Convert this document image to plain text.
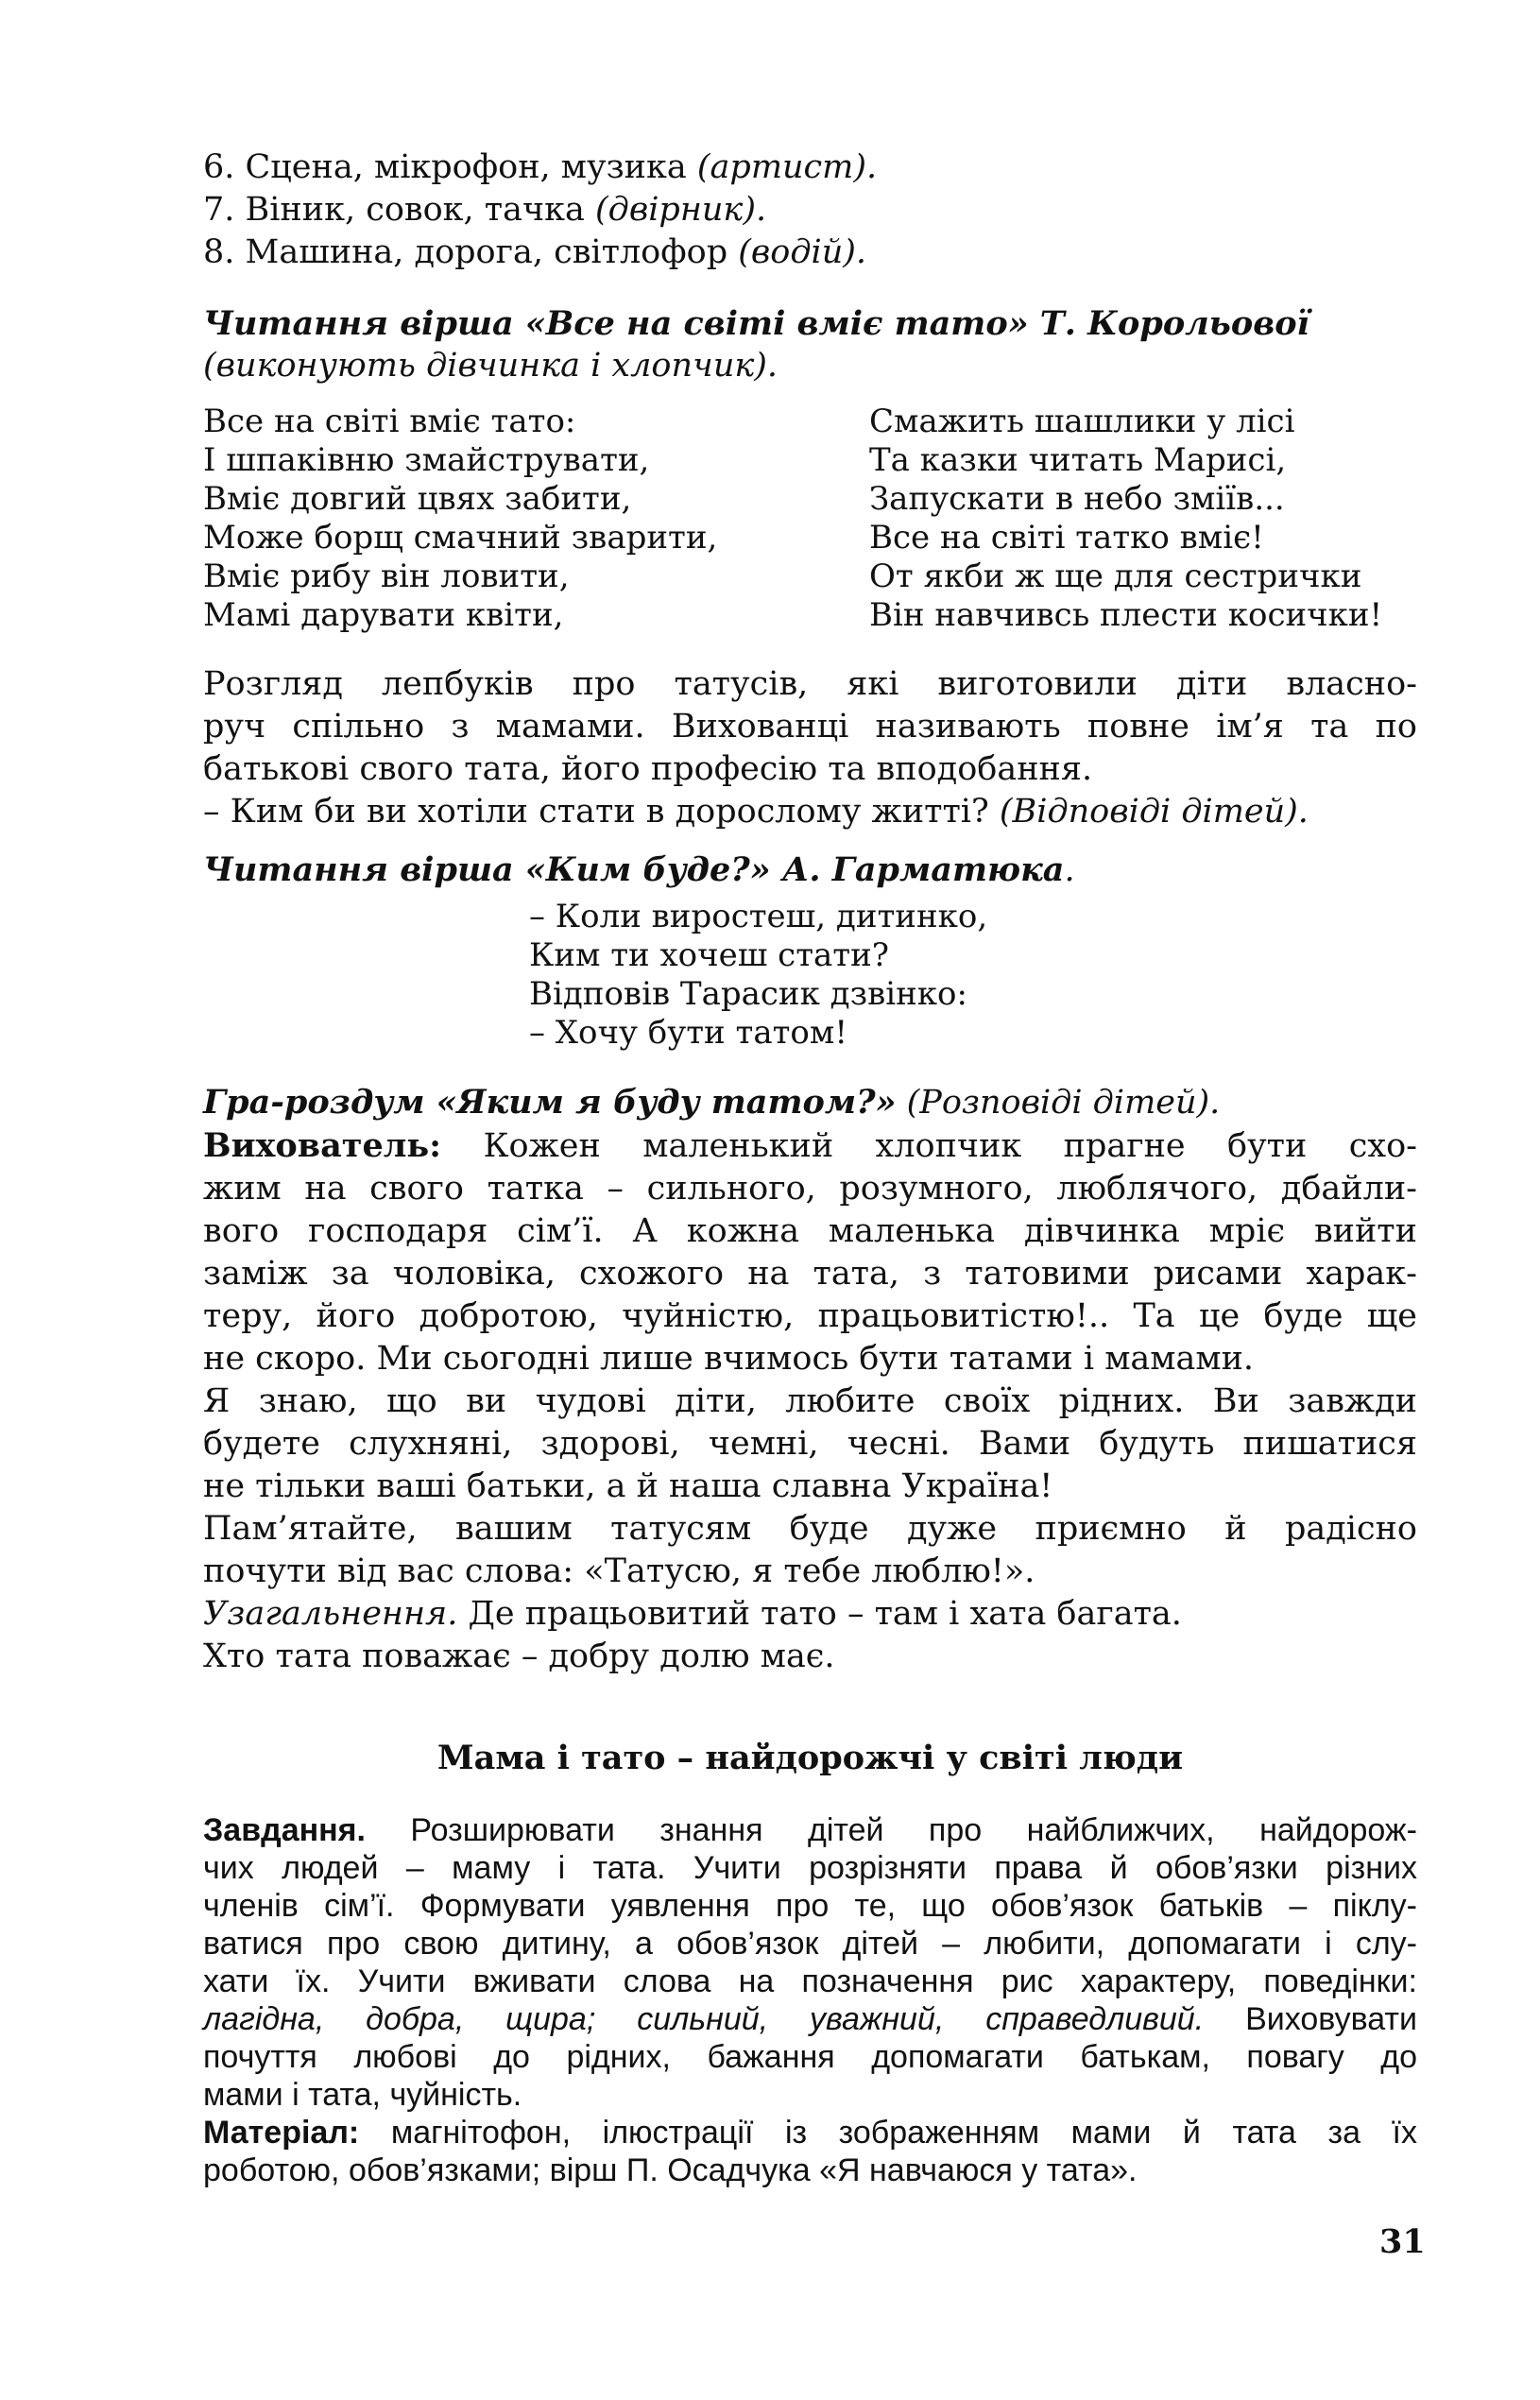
6. Сцена, мікрофон, музика (артист).

7. Віник, совок, тачка (двірник).

8. Машина, дорога, світлофор (водій).

Читання вірша «Все на світі вміє тато» Т. Корольової

(виконують дівчинка і хлопчик).

Все на світі вміє тато:

І шпаківню змайструвати,

Вміє довгий цвях забити,

Може борщ смачний зварити,

Вміє рибу він ловити,

Мамі дарувати квіти,

Смажить шашлики у лісі

Та казки читать Марисі,

Запускати в небо зміїв...

Все на світі татко вміє!

От якби ж ще для сестрички

Він навчивсь плести косички!

Розгляд лепбуків про татусів, які виготовили діти власно-

руч спільно з мамами. Вихованці називають повне ім’я та по

батькові свого тата, його професію та вподобання.

– Ким би ви хотіли стати в дорослому житті? (Відповіді дітей).

Читання вірша «Ким буде?» А. Гарматюка.

– Коли виростеш, дитинко,

Ким ти хочеш стати?

Відповів Тарасик дзвінко:

– Хочу бути татом!

Гра-роздум «Яким я буду татом?» (Розповіді дітей).

Вихователь: Кожен маленький хлопчик прагне бути схо-

жим на свого татка – сильного, розумного, люблячого, дбайли-

вого господаря сім’ї. А кожна маленька дівчинка мріє вийти

заміж за чоловіка, схожого на тата, з татовими рисами харак-

теру, його добротою, чуйністю, працьовитістю!.. Та це буде ще

не скоро. Ми сьогодні лише вчимось бути татами і мамами.

Я знаю, що ви чудові діти, любите своїх рідних. Ви завжди

будете слухняні, здорові, чемні, чесні. Вами будуть пишатися

не тільки ваші батьки, а й наша славна Україна!

Пам’ятайте, вашим татусям буде дуже приємно й радісно

почути від вас слова: «Татусю, я тебе люблю!».

Узагальнення. Де працьовитий тато – там і хата багата.

Хто тата поважає – добру долю має.

Мама і тато – найдорожчі у світі люди

Завдання. Розширювати знання дітей про найближчих, найдорож-

чих людей – маму і тата. Учити розрізняти права й обов’язки різних

членів сім’ї. Формувати уявлення про те, що обов’язок батьків – піклу-

ватися про свою дитину, а обов’язок дітей – любити, допомагати і слу-

хати їх. Учити вживати слова на позначення рис характеру, поведінки:

лагідна, добра, щира; сильний, уважний, справедливий. Виховувати

почуття любові до рідних, бажання допомагати батькам, повагу до

мами і тата, чуйність.

Матеріал: магнітофон, ілюстрації із зображенням мами й тата за їх

роботою, обов’язками; вірш П. Осадчука «Я навчаюся у тата».

31
